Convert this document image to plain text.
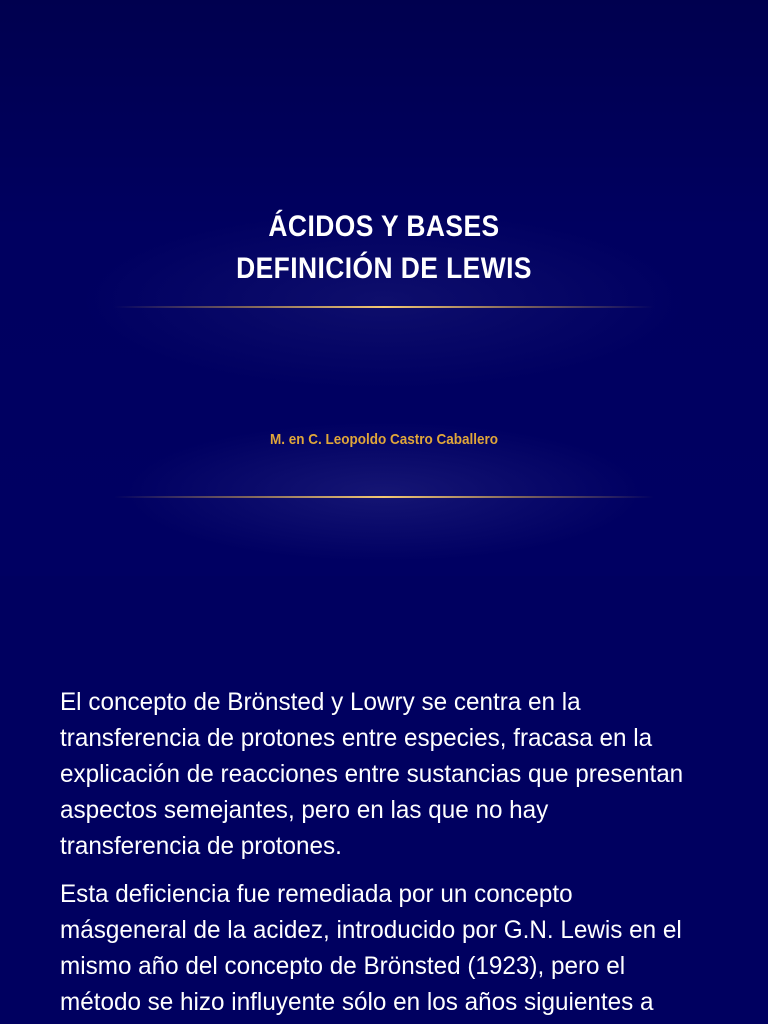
ÁCIDOS Y BASES
DEFINICIÓN DE LEWIS
M. en C. Leopoldo Castro Caballero

El concepto de Brönsted y Lowry se centra en la
transferencia de protones entre especies, fracasa en la
explicación de reacciones entre sustancias que presentan
aspectos semejantes, pero en las que no hay
transferencia de protones.

Esta deficiencia fue remediada por un concepto
másgeneral de la acidez, introducido por G.N. Lewis en el
mismo año del concepto de Brönsted (1923), pero el
método se hizo influyente sólo en los años siguientes a
